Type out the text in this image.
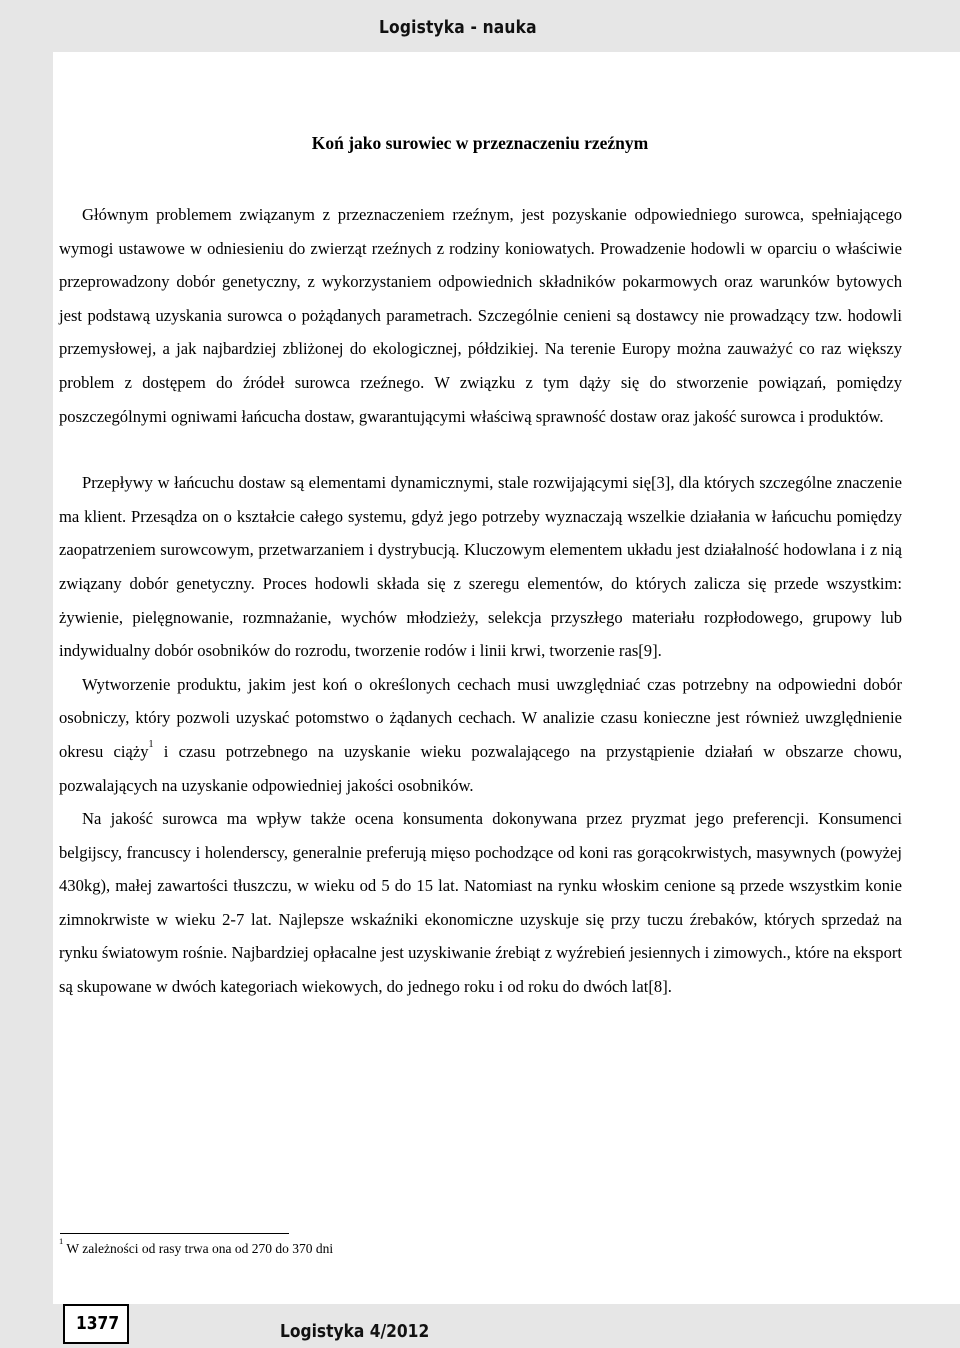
Logistyka - nauka
Koń jako surowiec w przeznaczeniu rzeźnym

Głównym problemem związanym z przeznaczeniem rzeźnym, jest pozyskanie odpowiedniego surowca, spełniającego wymogi ustawowe w odniesieniu do zwierząt rzeźnych z rodziny koniowatych. Prowadzenie hodowli w oparciu o właściwie przeprowadzony dobór genetyczny, z wykorzystaniem odpowiednich składników pokarmowych oraz warunków bytowych jest podstawą uzyskania surowca o pożądanych parametrach. Szczególnie cenieni są dostawcy nie prowadzący tzw. hodowli przemysłowej, a jak najbardziej zbliżonej do ekologicznej, półdzikiej. Na terenie Europy można zauważyć co raz większy problem z dostępem do źródeł surowca rzeźnego. W związku z tym dąży się do stworzenie powiązań, pomiędzy poszczególnymi ogniwami łańcucha dostaw, gwarantującymi właściwą sprawność dostaw oraz jakość surowca i produktów.

Przepływy w łańcuchu dostaw są elementami dynamicznymi, stale rozwijającymi się[3], dla których szczególne znaczenie ma klient. Przesądza on o kształcie całego systemu, gdyż jego potrzeby wyznaczają wszelkie działania w łańcuchu pomiędzy zaopatrzeniem surowcowym, przetwarzaniem i dystrybucją. Kluczowym elementem układu jest działalność hodowlana i z nią związany dobór genetyczny. Proces hodowli składa się z szeregu elementów, do których zalicza się przede wszystkim: żywienie, pielęgnowanie, rozmnażanie, wychów młodzieży, selekcja przyszłego materiału rozpłodowego, grupowy lub indywidualny dobór osobników do rozrodu, tworzenie rodów i linii krwi, tworzenie ras[9].

Wytworzenie produktu, jakim jest koń o określonych cechach musi uwzględniać czas potrzebny na odpowiedni dobór osobniczy, który pozwoli uzyskać potomstwo o żądanych cechach. W analizie czasu konieczne jest również uwzględnienie okresu ciąży$^1$ i czasu potrzebnego na uzyskanie wieku pozwalającego na przystąpienie działań w obszarze chowu, pozwalających na uzyskanie odpowiedniej jakości osobników.

Na jakość surowca ma wpływ także ocena konsumenta dokonywana przez pryzmat jego preferencji. Konsumenci belgijscy, francuscy i holenderscy, generalnie preferują mięso pochodzące od koni ras gorącokrwistych, masywnych (powyżej 430kg), małej zawartości tłuszczu, w wieku od 5 do 15 lat. Natomiast na rynku włoskim cenione są przede wszystkim konie zimnokrwiste w wieku 2-7 lat. Najlepsze wskaźniki ekonomiczne uzyskuje się przy tuczu źrebaków, których sprzedaż na rynku światowym rośnie. Najbardziej opłacalne jest uzyskiwanie źrebiąt z wyźrebień jesiennych i zimowych., które na eksport są skupowane w dwóch kategoriach wiekowych, do jednego roku i od roku do dwóch lat[8].

$^1$ W zależności od rasy trwa ona od 270 do 370 dni
1377	Logistyka 4/2012
